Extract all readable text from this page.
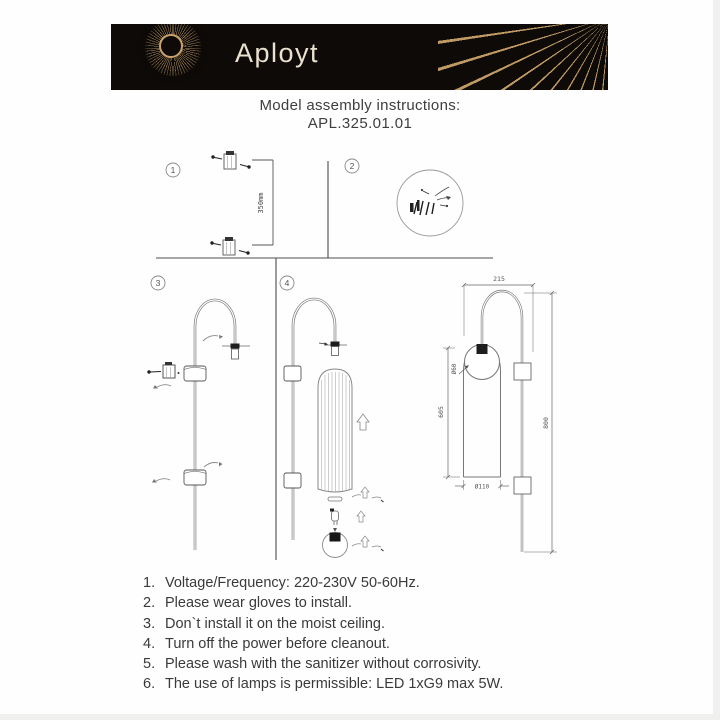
Aployt
Model assembly instructions:
APL.325.01.01
1	2
3	4
350mm
215
800
605
Ø60
Ø110
1. Voltage/Frequency: 220-230V 50-60Hz.
2. Please wear gloves to install.
3. Don`t install it on the moist ceiling.
4. Turn off the power before cleanout.
5. Please wash with the sanitizer without corrosivity.
6. The use of lamps is permissible: LED 1xG9 max 5W.
